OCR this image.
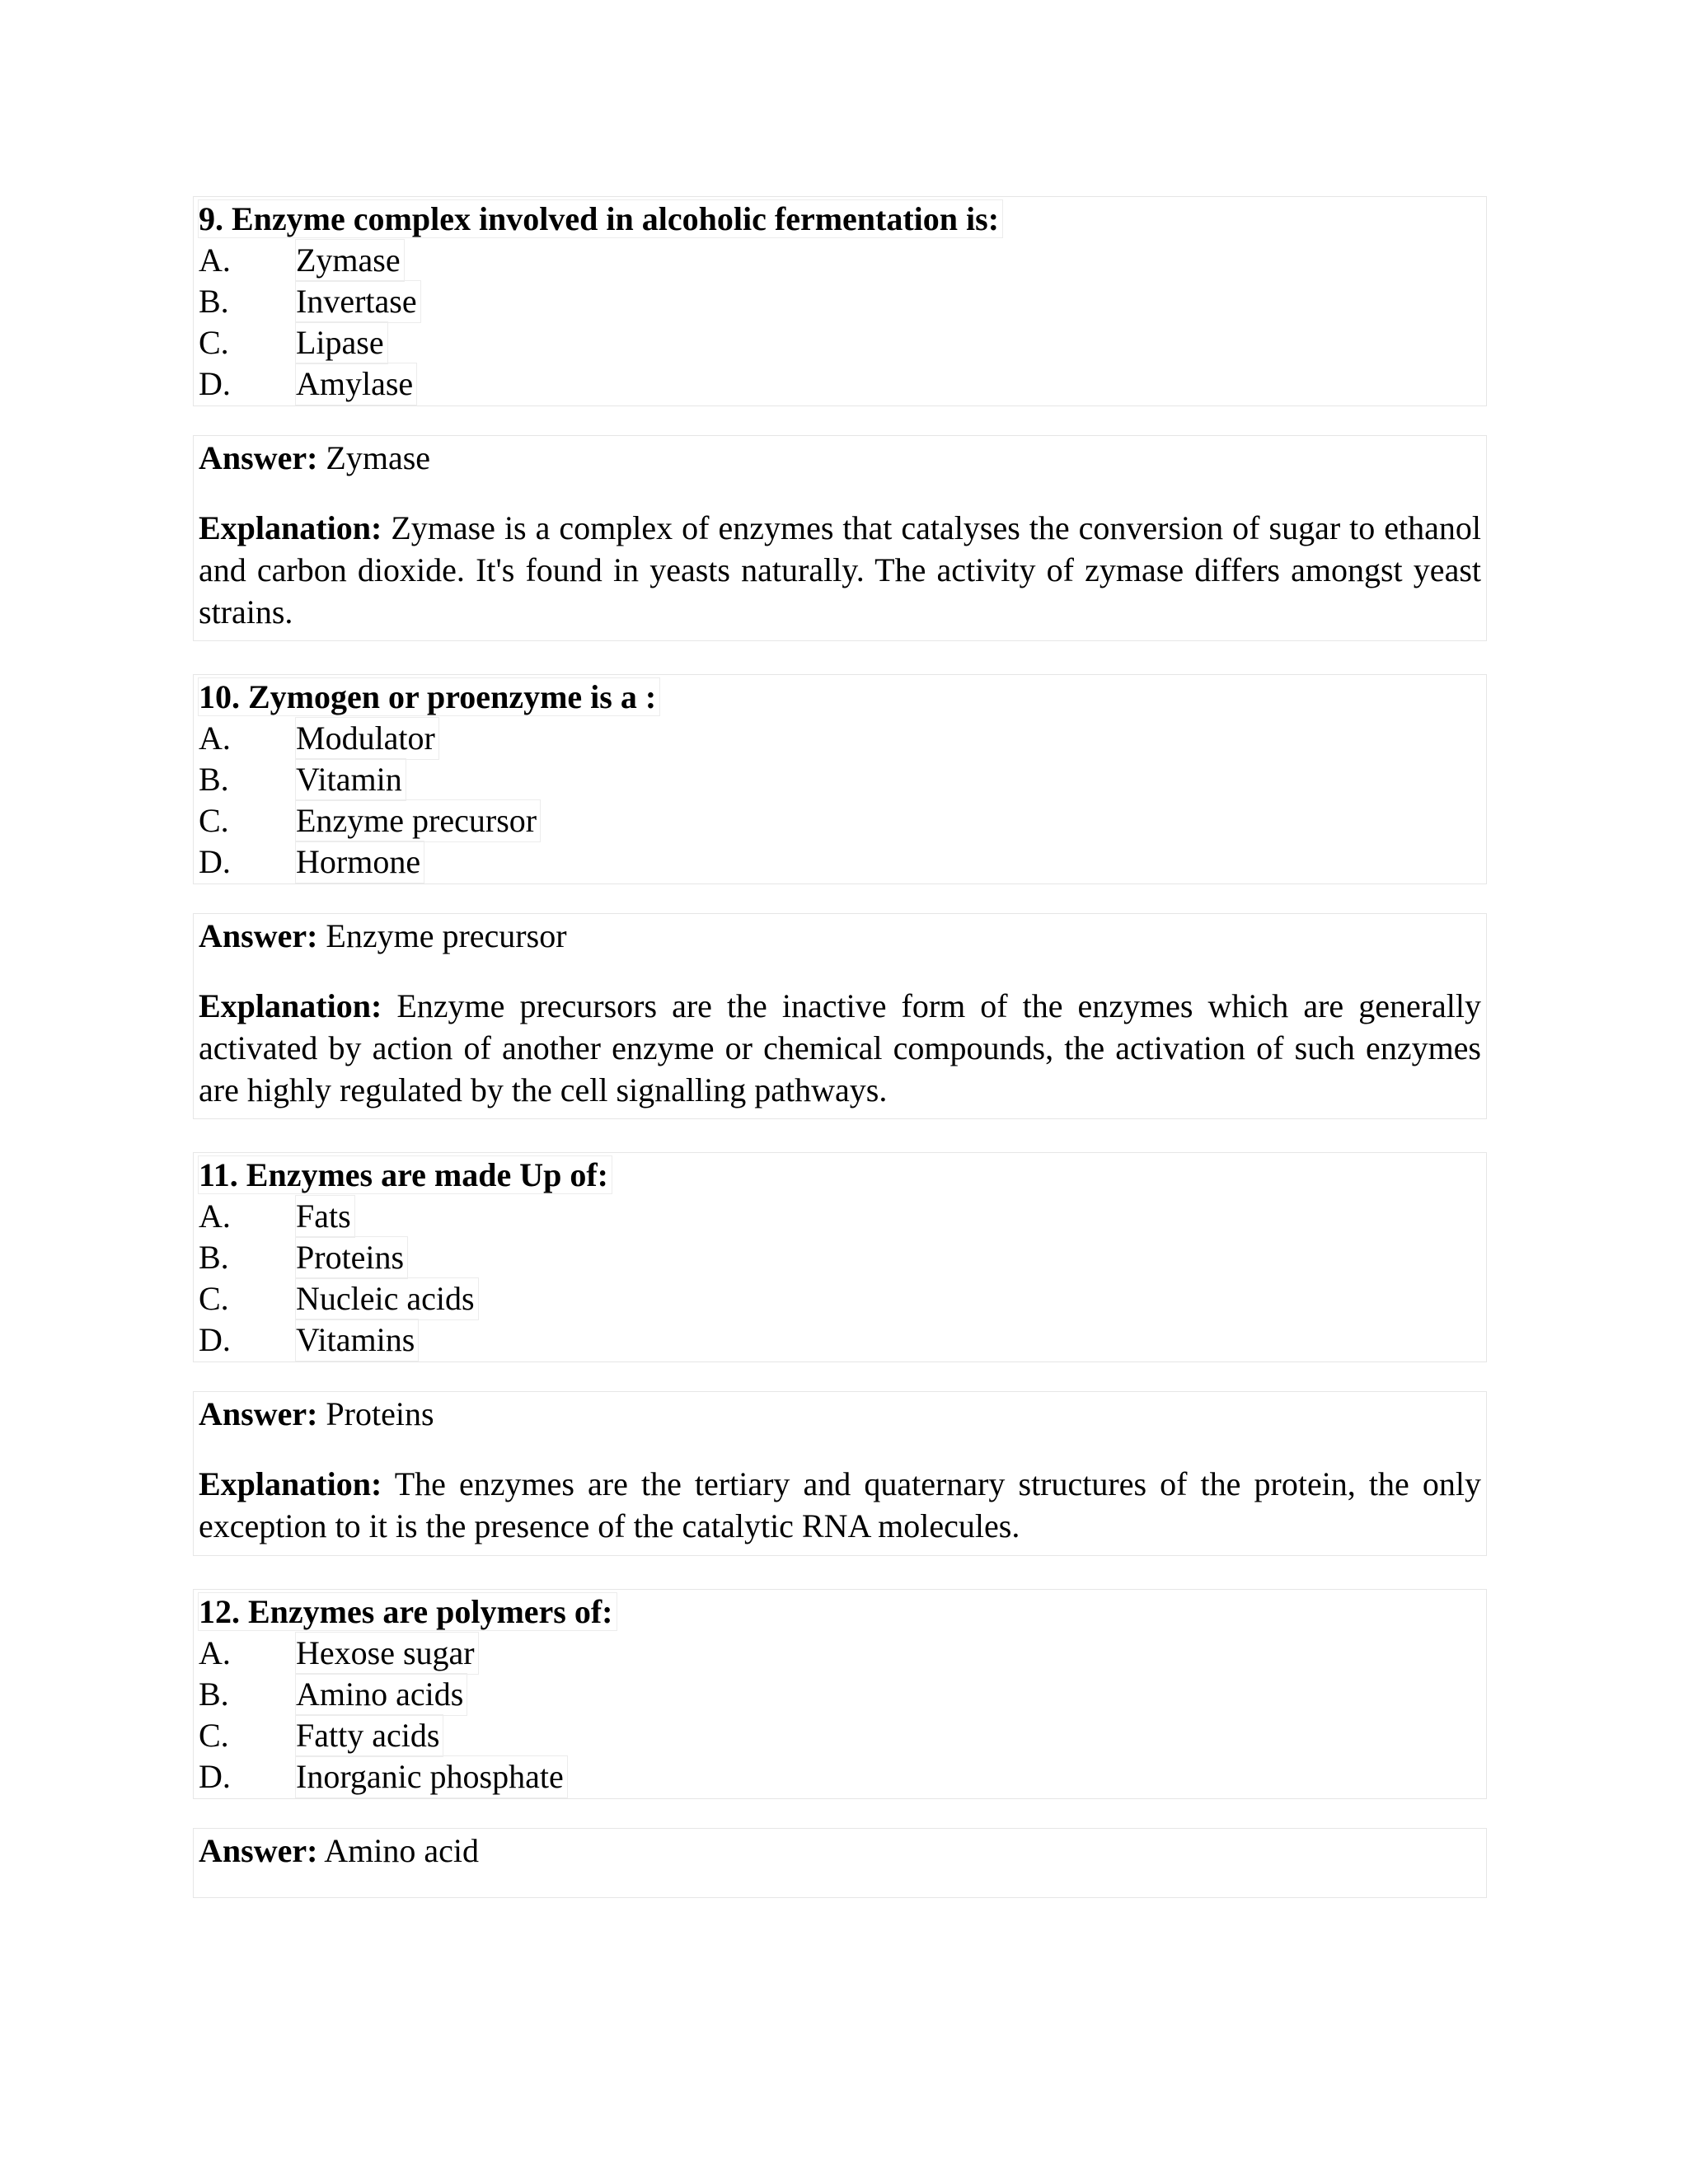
9. Enzyme complex involved in alcoholic fermentation is:
A. Zymase
B. Invertase
C. Lipase
D. Amylase
Answer: Zymase
Explanation: Zymase is a complex of enzymes that catalyses the conversion of sugar to ethanol and carbon dioxide. It's found in yeasts naturally. The activity of zymase differs amongst yeast strains.
10. Zymogen or proenzyme is a :
A. Modulator
B. Vitamin
C. Enzyme precursor
D. Hormone
Answer: Enzyme precursor
Explanation: Enzyme precursors are the inactive form of the enzymes which are generally activated by action of another enzyme or chemical compounds, the activation of such enzymes are highly regulated by the cell signalling pathways.
11. Enzymes are made Up of:
A. Fats
B. Proteins
C. Nucleic acids
D. Vitamins
Answer: Proteins
Explanation: The enzymes are the tertiary and quaternary structures of the protein, the only exception to it is the presence of the catalytic RNA molecules.
12. Enzymes are polymers of:
A. Hexose sugar
B. Amino acids
C. Fatty acids
D. Inorganic phosphate
Answer: Amino acid
